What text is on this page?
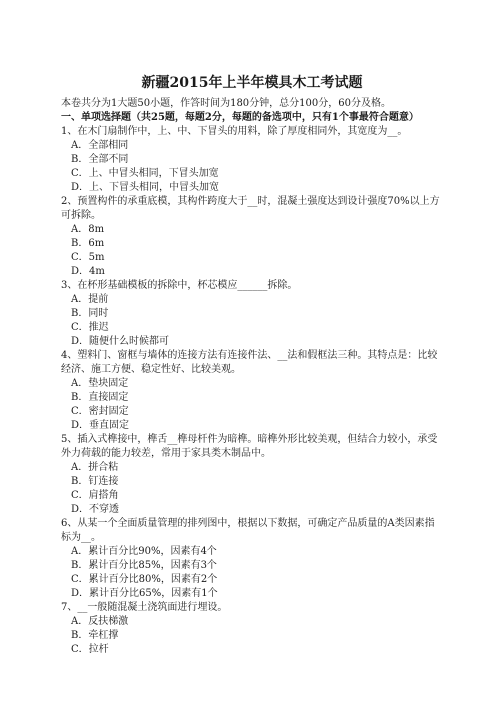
新疆2015年上半年模具木工考试题
本卷共分为1大题50小题，作答时间为180分钟，总分100分，60分及格。
一、单项选择题（共25题，每题2分，每题的备选项中，只有1个事最符合题意）
1、在木门扇制作中，上、中、下冒头的用料，除了厚度相同外，其宽度为__。
A．全部相同
B．全部不同
C．上、中冒头相同，下冒头加宽
D．上、下冒头相同，中冒头加宽
2、预置构件的承重底模，其构件跨度大于__时，混凝土强度达到设计强度70%以上方可拆除。
A．8m
B．6m
C．5m
D．4m
3、在杯形基础模板的拆除中，杯芯模应______拆除。
A．提前
B．同时
C．推迟
D．随便什么时候都可
4、塑料门、窗框与墙体的连接方法有连接件法、__法和假框法三种。其特点是：比较经济、施工方便、稳定性好、比较美观。
A．垫块固定
B．直接固定
C．密封固定
D．垂直固定
5、插入式榫接中，榫舌__榫母杆件为暗榫。暗榫外形比较美观，但结合力较小，承受外力荷载的能力较差，常用于家具类木制品中。
A．拼合粘
B．钉连接
C．肩搭角
D．不穿透
6、从某一个全面质量管理的排列图中，根据以下数据，可确定产品质量的A类因素指标为__。
A．累计百分比90%，因素有4个
B．累计百分比85%，因素有3个
C．累计百分比80%，因素有2个
D．累计百分比65%，因素有1个
7、__一般随混凝土浇筑面进行埋设。
A．反扶梯激
B．牵杠撑
C．拉杆
